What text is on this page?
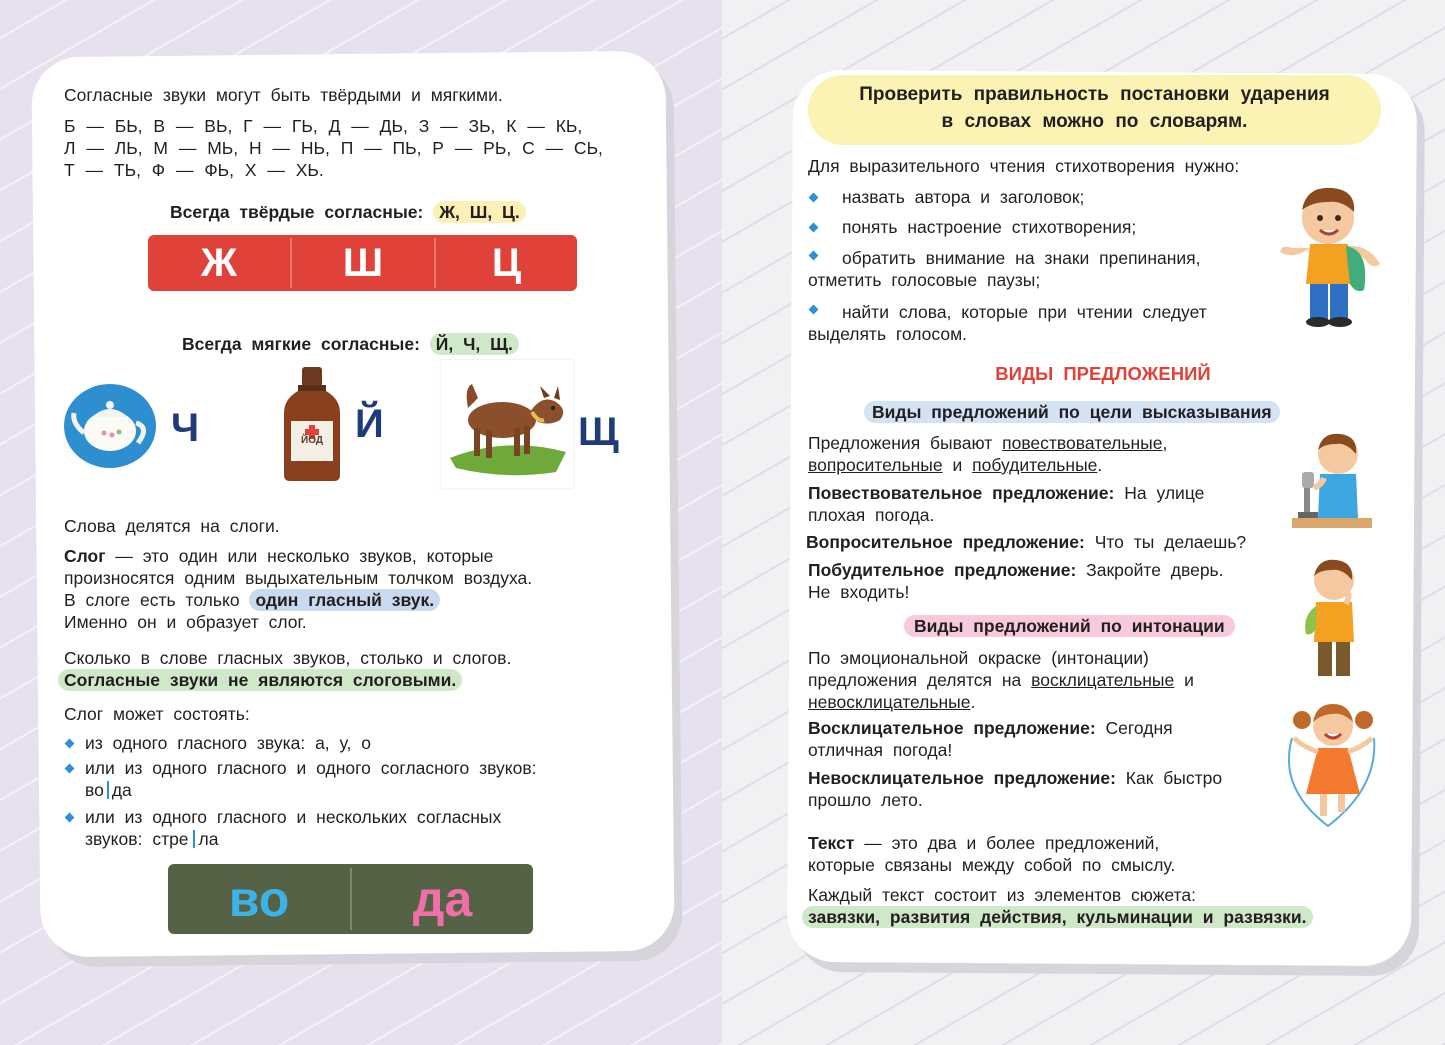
Согласные звуки могут быть твёрдыми и мягкими.
Б — БЬ, В — ВЬ, Г — ГЬ, Д — ДЬ, З — ЗЬ, К — КЬ,
Л — ЛЬ, М — МЬ, Н — НЬ, П — ПЬ, Р — РЬ, С — СЬ,
Т — ТЬ, Ф — ФЬ, Х — ХЬ.
Всегда твёрдые согласные: Ж, Ш, Ц.
Ж	Ш	Ц
Всегда мягкие согласные: Й, Ч, Щ.
Ч	ЙОД Й	Щ
Слова делятся на слоги.
Слог — это один или несколько звуков, которые
произносятся одним выдыхательным толчком воздуха.
В слоге есть только один гласный звук.
Именно он и образует слог.
Сколько в слове гласных звуков, столько и слогов.
Согласные звуки не являются слоговыми.
Слог может состоять:
из одного гласного звука: а, у, о
или из одного гласного и одного согласного звуков:
во да
или из одного гласного и нескольких согласных
звуков: стре ла
во	да
Проверить правильность постановки ударения
в словах можно по словарям.
Для выразительного чтения стихотворения нужно:
назвать автора и заголовок;
понять настроение стихотворения;
обратить внимание на знаки препинания,
отметить голосовые паузы;
найти слова, которые при чтении следует
выделять голосом.
ВИДЫ ПРЕДЛОЖЕНИЙ
Виды предложений по цели высказывания
Предложения бывают повествовательные,
вопросительные и побудительные.
Повествовательное предложение: На улице
плохая погода.
Вопросительное предложение: Что ты делаешь?
Побудительное предложение: Закройте дверь.
Не входить!
Виды предложений по интонации
По эмоциональной окраске (интонации)
предложения делятся на восклицательные и
невосклицательные.
Восклицательное предложение: Сегодня
отличная погода!
Невосклицательное предложение: Как быстро
прошло лето.
Текст — это два и более предложений,
которые связаны между собой по смыслу.
Каждый текст состоит из элементов сюжета:
завязки, развития действия, кульминации и развязки.
